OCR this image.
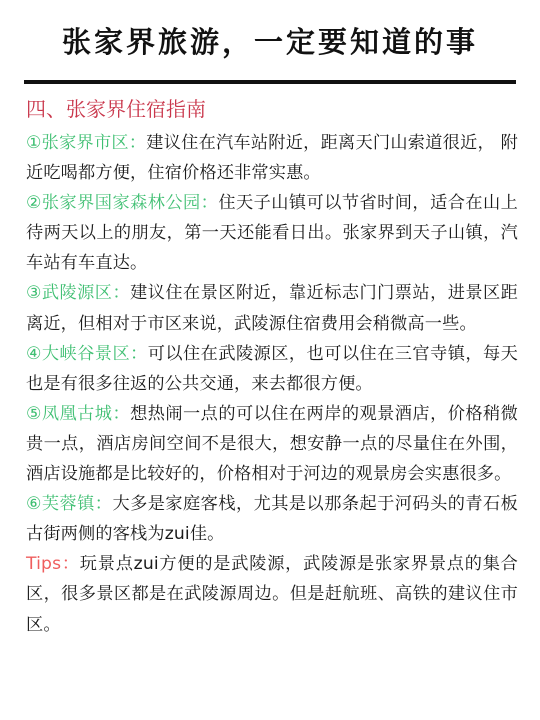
张家界旅游，一定要知道的事
四、张家界住宿指南

①张家界市区：建议住在汽车站附近，距离天门山索道很近， 附近吃喝都方便，住宿价格还非常实惠。

②张家界国家森林公园：住天子山镇可以节省时间，适合在山上待两天以上的朋友，第一天还能看日出。张家界到天子山镇，汽车站有车直达。

③武陵源区：建议住在景区附近，靠近标志门门票站，进景区距离近，但相对于市区来说，武陵源住宿费用会稍微高一些。

④大峡谷景区：可以住在武陵源区，也可以住在三官寺镇，每天也是有很多往返的公共交通，来去都很方便。

⑤凤凰古城：想热闹一点的可以住在两岸的观景酒店，价格稍微贵一点，酒店房间空间不是很大，想安静一点的尽量住在外围，酒店设施都是比较好的，价格相对于河边的观景房会实惠很多。

⑥芙蓉镇：大多是家庭客栈，尤其是以那条起于河码头的青石板古街两侧的客栈为zui佳。

Tips：玩景点zui方便的是武陵源，武陵源是张家界景点的集合区，很多景区都是在武陵源周边。但是赶航班、高铁的建议住市区。
